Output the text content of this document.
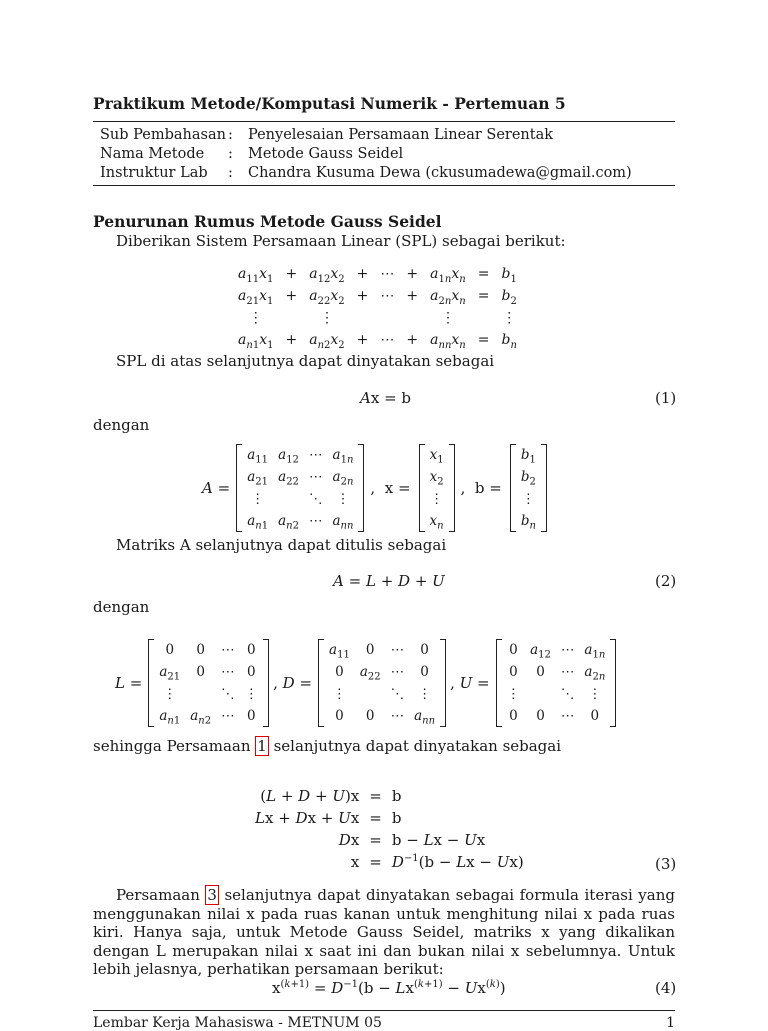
Praktikum Metode/Komputasi Numerik - Pertemuan 5
Sub Pembahasan	:	Penyelesaian Persamaan Linear Serentak
Nama Metode	:	Metode Gauss Seidel
Instruktur Lab	:	Chandra Kusuma Dewa (ckusumadewa@gmail.com)
Penurunan Rumus Metode Gauss Seidel
Diberikan Sistem Persamaan Linear (SPL) sebagai berikut:
$a_{11}x_1$	+	$a_{12}x_2$	+	⋯	+	$a_{1n}x_n$	=	$b_1$
$a_{21}x_1$	+	$a_{22}x_2$	+	⋯	+	$a_{2n}x_n$	=	$b_2$
⋮		⋮				⋮		⋮
$a_{n1}x_1$	+	$a_{n2}x_2$	+	⋯	+	$a_{nn}x_n$	=	$b_n$
SPL di atas selanjutnya dapat dinyatakan sebagai
Ax = b	(1)
dengan
A =
$a_{11}$ $a_{12}$ ⋯ $a_{1n}$
$a_{21}$ $a_{22}$ ⋯ $a_{2n}$
⋮	⋱	⋮
$a_{n1}$ $a_{n2}$ ⋯ $a_{nn}$
,  x =
$x_1$
$x_2$
⋮
$x_n$
,  b =
$b_1$
$b_2$
⋮
$b_n$
Matriks A selanjutnya dapat ditulis sebagai
A = L + D + U	(2)
dengan
L =
0	0	⋯ 0
$a_{21}$	0	⋯ 0
⋮	⋱ ⋮
$a_{n1}$ $a_{n2}$ ⋯ 0
, D =
$a_{11}$	0	⋯	0
0	$a_{22}$ ⋯	0
⋮	⋱	⋮
0	0	⋯ $a_{nn}$
, U =
0 $a_{12}$ ⋯ $a_{1n}$
0	0	⋯ $a_{2n}$
⋮	⋱	⋮
0	0	⋯	0
sehingga Persamaan 1 selanjutnya dapat dinyatakan sebagai
(L + D + U)x	=	b
Lx + Dx + Ux	=	b
Dx	=	b − Lx − Ux
x	=	$D^{-1}(b - Lx - Ux)$	(3)
Persamaan 3 selanjutnya dapat dinyatakan sebagai formula iterasi yang menggunakan nilai x pada ruas kanan untuk menghitung nilai x pada ruas kiri. Hanya saja, untuk Metode Gauss Seidel, matriks x yang dikalikan dengan L merupakan nilai x saat ini dan bukan nilai x sebelumnya. Untuk lebih jelasnya, perhatikan persamaan berikut:
$x^{(k+1)} = D^{-1}(b - Lx^{(k+1)} - Ux^{(k)})$	(4)
Lembar Kerja Mahasiswa - METNUM 05	1
